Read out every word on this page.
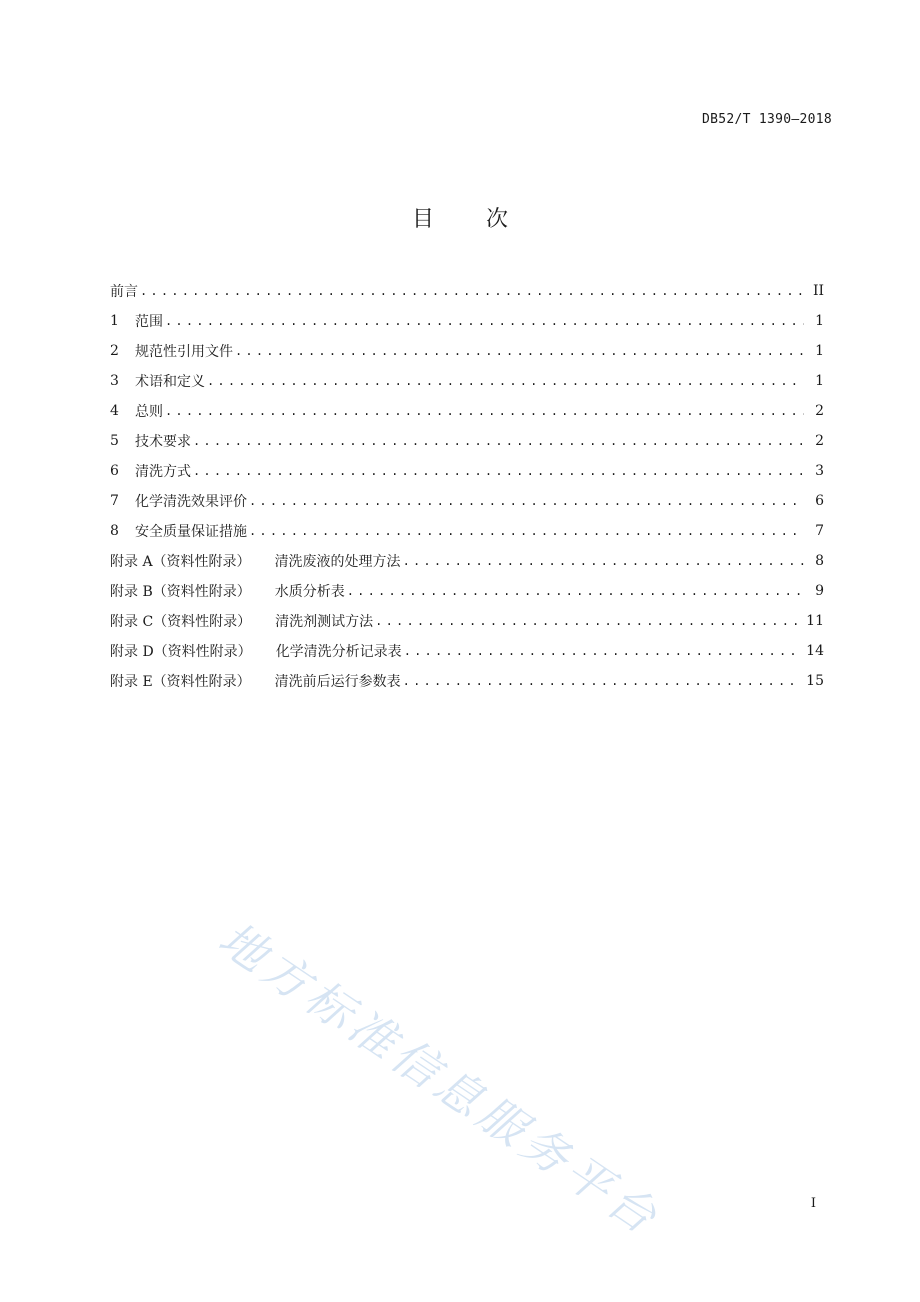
DB52/T 1390—2018
目 次
前言 .....	II
1	范围 .....	1
2	规范性引用文件 .....	1
3	术语和定义 .....	1
4	总则 .....	2
5	技术要求 .....	2
6	清洗方式 .....	3
7	化学清洗效果评价 .....	6
8	安全质量保证措施 .....	7
附录 A（资料性附录） 清洗废液的处理方法 .....	8
附录 B（资料性附录） 水质分析表 .....	9
附录 C（资料性附录） 清洗剂测试方法 .....	11
附录 D（资料性附录） 化学清洗分析记录表 .....	14
附录 E（资料性附录） 清洗前后运行参数表 .....	15
地方标准信息服务平台	I
